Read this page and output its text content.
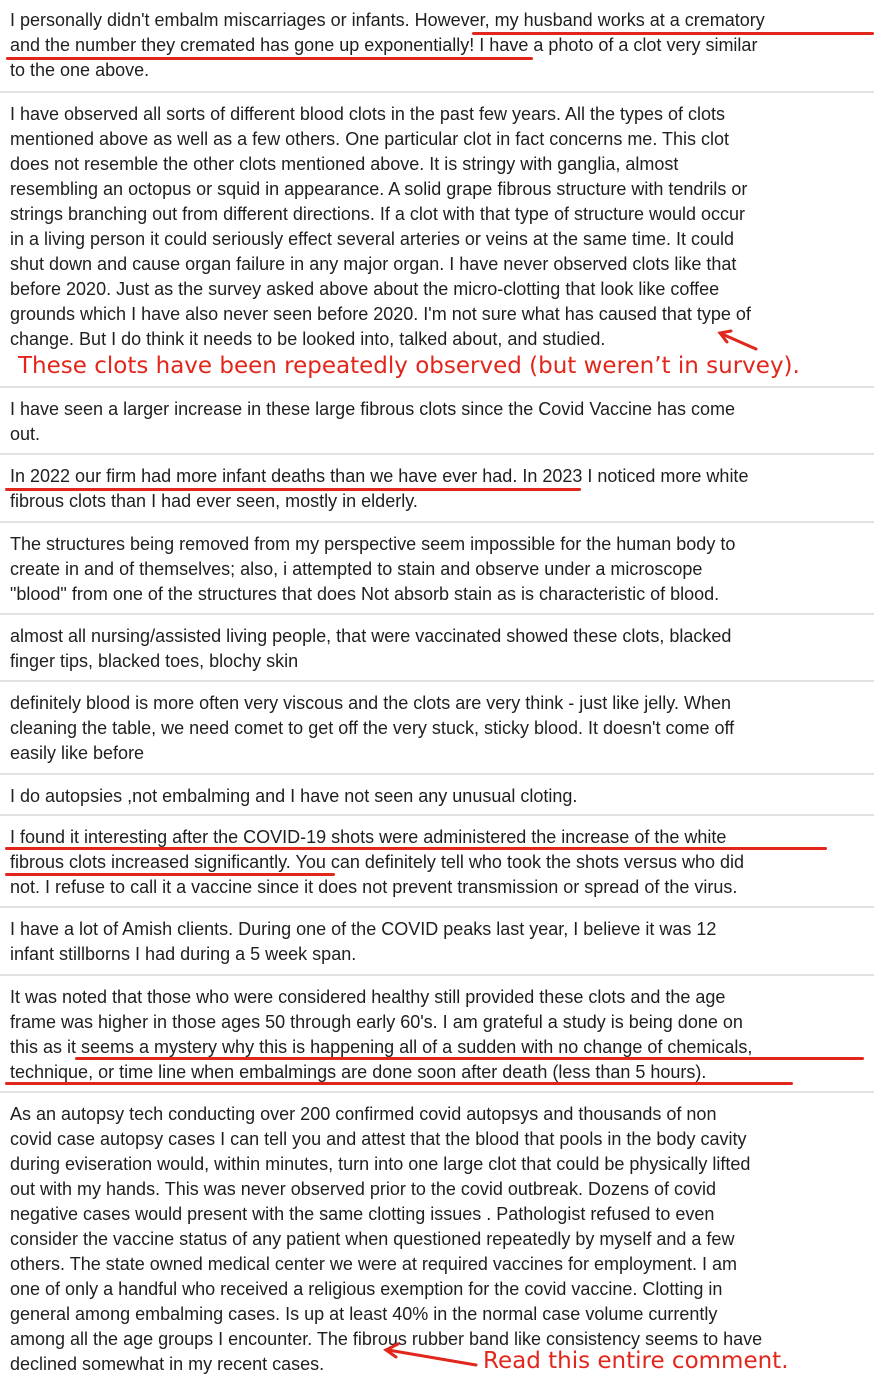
I personally didn't embalm miscarriages or infants. However, my husband works at a crematory
and the number they cremated has gone up exponentially! I have a photo of a clot very similar
to the one above.
I have observed all sorts of different blood clots in the past few years. All the types of clots
mentioned above as well as a few others. One particular clot in fact concerns me. This clot
does not resemble the other clots mentioned above. It is stringy with ganglia, almost
resembling an octopus or squid in appearance. A solid grape fibrous structure with tendrils or
strings branching out from different directions. If a clot with that type of structure would occur
in a living person it could seriously effect several arteries or veins at the same time. It could
shut down and cause organ failure in any major organ. I have never observed clots like that
before 2020. Just as the survey asked above about the micro-clotting that look like coffee
grounds which I have also never seen before 2020. I'm not sure what has caused that type of
change. But I do think it needs to be looked into, talked about, and studied.
These clots have been repeatedly observed (but weren’t in survey).
I have seen a larger increase in these large fibrous clots since the Covid Vaccine has come
out.
In 2022 our firm had more infant deaths than we have ever had. In 2023 I noticed more white
fibrous clots than I had ever seen, mostly in elderly.
The structures being removed from my perspective seem impossible for the human body to
create in and of themselves; also, i attempted to stain and observe under a microscope
"blood" from one of the structures that does Not absorb stain as is characteristic of blood.
almost all nursing/assisted living people, that were vaccinated showed these clots, blacked
finger tips, blacked toes, blochy skin
definitely blood is more often very viscous and the clots are very think - just like jelly. When
cleaning the table, we need comet to get off the very stuck, sticky blood. It doesn't come off
easily like before
I do autopsies ,not embalming and I have not seen any unusual cloting.
I found it interesting after the COVID-19 shots were administered the increase of the white
fibrous clots increased significantly. You can definitely tell who took the shots versus who did
not. I refuse to call it a vaccine since it does not prevent transmission or spread of the virus.
I have a lot of Amish clients. During one of the COVID peaks last year, I believe it was 12
infant stillborns I had during a 5 week span.
It was noted that those who were considered healthy still provided these clots and the age
frame was higher in those ages 50 through early 60's. I am grateful a study is being done on
this as it seems a mystery why this is happening all of a sudden with no change of chemicals,
technique, or time line when embalmings are done soon after death (less than 5 hours).
As an autopsy tech conducting over 200 confirmed covid autopsys and thousands of non
covid case autopsy cases I can tell you and attest that the blood that pools in the body cavity
during eviseration would, within minutes, turn into one large clot that could be physically lifted
out with my hands. This was never observed prior to the covid outbreak. Dozens of covid
negative cases would present with the same clotting issues . Pathologist refused to even
consider the vaccine status of any patient when questioned repeatedly by myself and a few
others. The state owned medical center we were at required vaccines for employment. I am
one of only a handful who received a religious exemption for the covid vaccine. Clotting in
general among embalming cases. Is up at least 40% in the normal case volume currently
among all the age groups I encounter. The fibrous rubber band like consistency seems to have
declined somewhat in my recent cases.	Read this entire comment.
